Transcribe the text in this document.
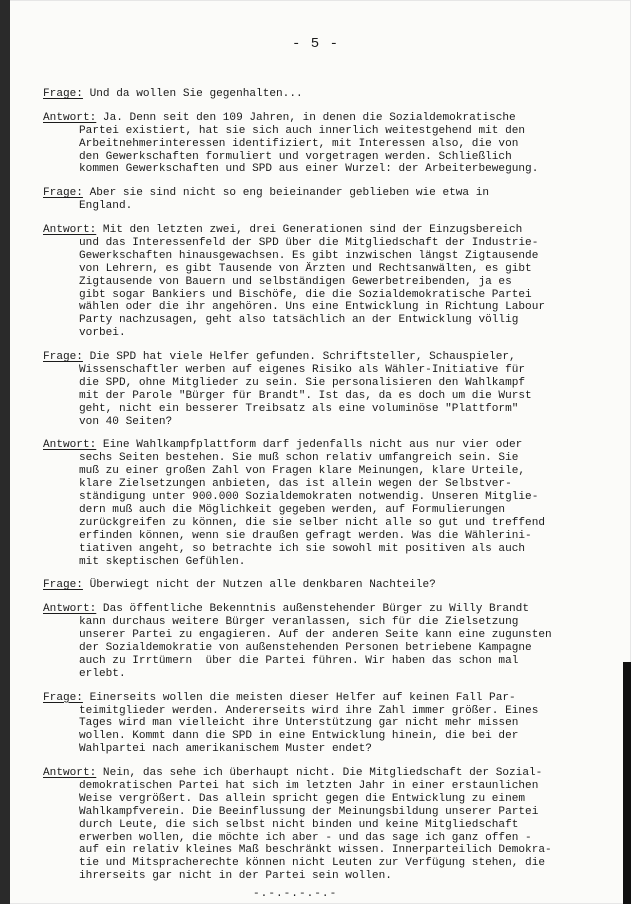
- 5 -
Frage: Und da wollen Sie gegenhalten...
Antwort: Ja. Denn seit den 109 Jahren, in denen die Sozialdemokratische
Partei existiert, hat sie sich auch innerlich weitestgehend mit den
Arbeitnehmerinteressen identifiziert, mit Interessen also, die von
den Gewerkschaften formuliert und vorgetragen werden. Schließlich
kommen Gewerkschaften und SPD aus einer Wurzel: der Arbeiterbewegung.
Frage: Aber sie sind nicht so eng beieinander geblieben wie etwa in
England.
Antwort: Mit den letzten zwei, drei Generationen sind der Einzugsbereich
und das Interessenfeld der SPD über die Mitgliedschaft der Industrie-
Gewerkschaften hinausgewachsen. Es gibt inzwischen längst Zigtausende
von Lehrern, es gibt Tausende von Ärzten und Rechtsanwälten, es gibt
Zigtausende von Bauern und selbständigen Gewerbetreibenden, ja es
gibt sogar Bankiers und Bischöfe, die die Sozialdemokratische Partei
wählen oder die ihr angehören. Uns eine Entwicklung in Richtung Labour
Party nachzusagen, geht also tatsächlich an der Entwicklung völlig
vorbei.
Frage: Die SPD hat viele Helfer gefunden. Schriftsteller, Schauspieler,
Wissenschaftler werben auf eigenes Risiko als Wähler-Initiative für
die SPD, ohne Mitglieder zu sein. Sie personalisieren den Wahlkampf
mit der Parole "Bürger für Brandt". Ist das, da es doch um die Wurst
geht, nicht ein besserer Treibsatz als eine voluminöse "Plattform"
von 40 Seiten?
Antwort: Eine Wahlkampfplattform darf jedenfalls nicht aus nur vier oder
sechs Seiten bestehen. Sie muß schon relativ umfangreich sein. Sie
muß zu einer großen Zahl von Fragen klare Meinungen, klare Urteile,
klare Zielsetzungen anbieten, das ist allein wegen der Selbstver-
ständigung unter 900.000 Sozialdemokraten notwendig. Unseren Mitglie-
dern muß auch die Möglichkeit gegeben werden, auf Formulierungen
zurückgreifen zu können, die sie selber nicht alle so gut und treffend
erfinden können, wenn sie draußen gefragt werden. Was die Wählerini-
tiativen angeht, so betrachte ich sie sowohl mit positiven als auch
mit skeptischen Gefühlen.
Frage: Überwiegt nicht der Nutzen alle denkbaren Nachteile?
Antwort: Das öffentliche Bekenntnis außenstehender Bürger zu Willy Brandt
kann durchaus weitere Bürger veranlassen, sich für die Zielsetzung
unserer Partei zu engagieren. Auf der anderen Seite kann eine zugunsten
der Sozialdemokratie von außenstehenden Personen betriebene Kampagne
auch zu Irrtümern  über die Partei führen. Wir haben das schon mal
erlebt.
Frage: Einerseits wollen die meisten dieser Helfer auf keinen Fall Par-
teimitglieder werden. Andererseits wird ihre Zahl immer größer. Eines
Tages wird man vielleicht ihre Unterstützung gar nicht mehr missen
wollen. Kommt dann die SPD in eine Entwicklung hinein, die bei der
Wahlpartei nach amerikanischem Muster endet?
Antwort: Nein, das sehe ich überhaupt nicht. Die Mitgliedschaft der Sozial-
demokratischen Partei hat sich im letzten Jahr in einer erstaunlichen
Weise vergrößert. Das allein spricht gegen die Entwicklung zu einem
Wahlkampfverein. Die Beeinflussung der Meinungsbildung unserer Partei
durch Leute, die sich selbst nicht binden und keine Mitgliedschaft
erwerben wollen, die möchte ich aber - und das sage ich ganz offen -
auf ein relativ kleines Maß beschränkt wissen. Innerparteilich Demokra-
tie und Mitspracherechte können nicht Leuten zur Verfügung stehen, die
ihrerseits gar nicht in der Partei sein wollen.
-.-.-.-.-.-
